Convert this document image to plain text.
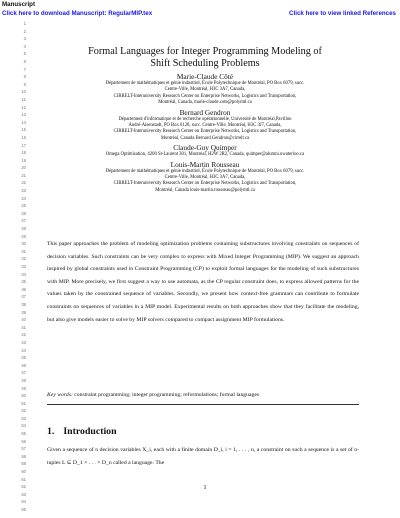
Manuscript
Click here to download Manuscript: RegularMIP.tex	Click here to view linked References
1
2
3
4
5
6
7
8
9
10
11
12
13
14
15
16
17
18
19
20
21
22
23
24
25
26
27
28
29
30
31
32
33
34
35
36
37
38
39
40
41
42
43
44
45
46
47
48
49
50
51
52
53
54
55
56
57
58
59
60
61
62
63
64
65
Formal Languages for Integer Programming Modeling of
Shift Scheduling Problems
Marie-Claude Côté
Département de mathématiques et génie industriel, École Polytechnique de Montréal, PO Box 6079, succ.
Centre-Ville, Montréal, H3C 3A7, Canada,
CIRRELT-Interuniversity Research Center on Enterprise Networks, Logistics and Transportation,
Montréal, Canada, marie-claude.cote@polymtl.ca
Bernard Gendron
Département d'informatique et de recherche opérationnelle, Université de Montréal,Pavillon
André-Aisenstadt, PO Box 6128, succ. Centre-Ville, Montréal, H3C 3J7, Canada,
CIRRELT-Interuniversity Research Center on Enterprise Networks, Logistics and Transportation,
Montréal, Canada Bernard.Gendron@cirrelt.ca
Claude-Guy Quimper
Omega Optimisation, 4200 St-Laurent 301, Montréal, H2W 2R2, Canada, quimper@alumni.uwaterloo.ca
Louis-Martin Rousseau
Département de mathématiques et génie industriel, École Polytechnique de Montréal, PO Box 6079, succ.
Centre-Ville, Montréal, H3C 3A7, Canada,
CIRRELT-Interuniversity Research Center on Enterprise Networks, Logistics and Transportation,
Montréal, Canada louis-martin.rousseau@polymtl.ca

This paper approaches the problem of modeling optimization problems containing substructures involving constraints on sequences of decision variables. Such constraints can be very complex to express with Mixed Integer Programming (MIP). We suggest an approach inspired by global constraints used in Constraint Programming (CP) to exploit formal languages for the modeling of such substructures with MIP. More precisely, we first suggest a way to use automata, as the CP regular constraint does, to express allowed patterns for the values taken by the constrained sequence of variables. Secondly, we present how context-free grammars can contribute to formulate constraints on sequences of variables in a MIP model. Experimental results on both approaches show that they facilitate the modeling, but also give models easier to solve by MIP solvers compared to compact assignment MIP formulations.

Key words: constraint programming; integer programming; reformulations; formal languages

1. Introduction

Given a sequence of n decision variables X_i, each with a finite domain D_i, i = 1, . . . , n, a constraint on such a sequence is a set of n-tuples L ⊆ D_1 × . . . × D_n called a language. The

1
